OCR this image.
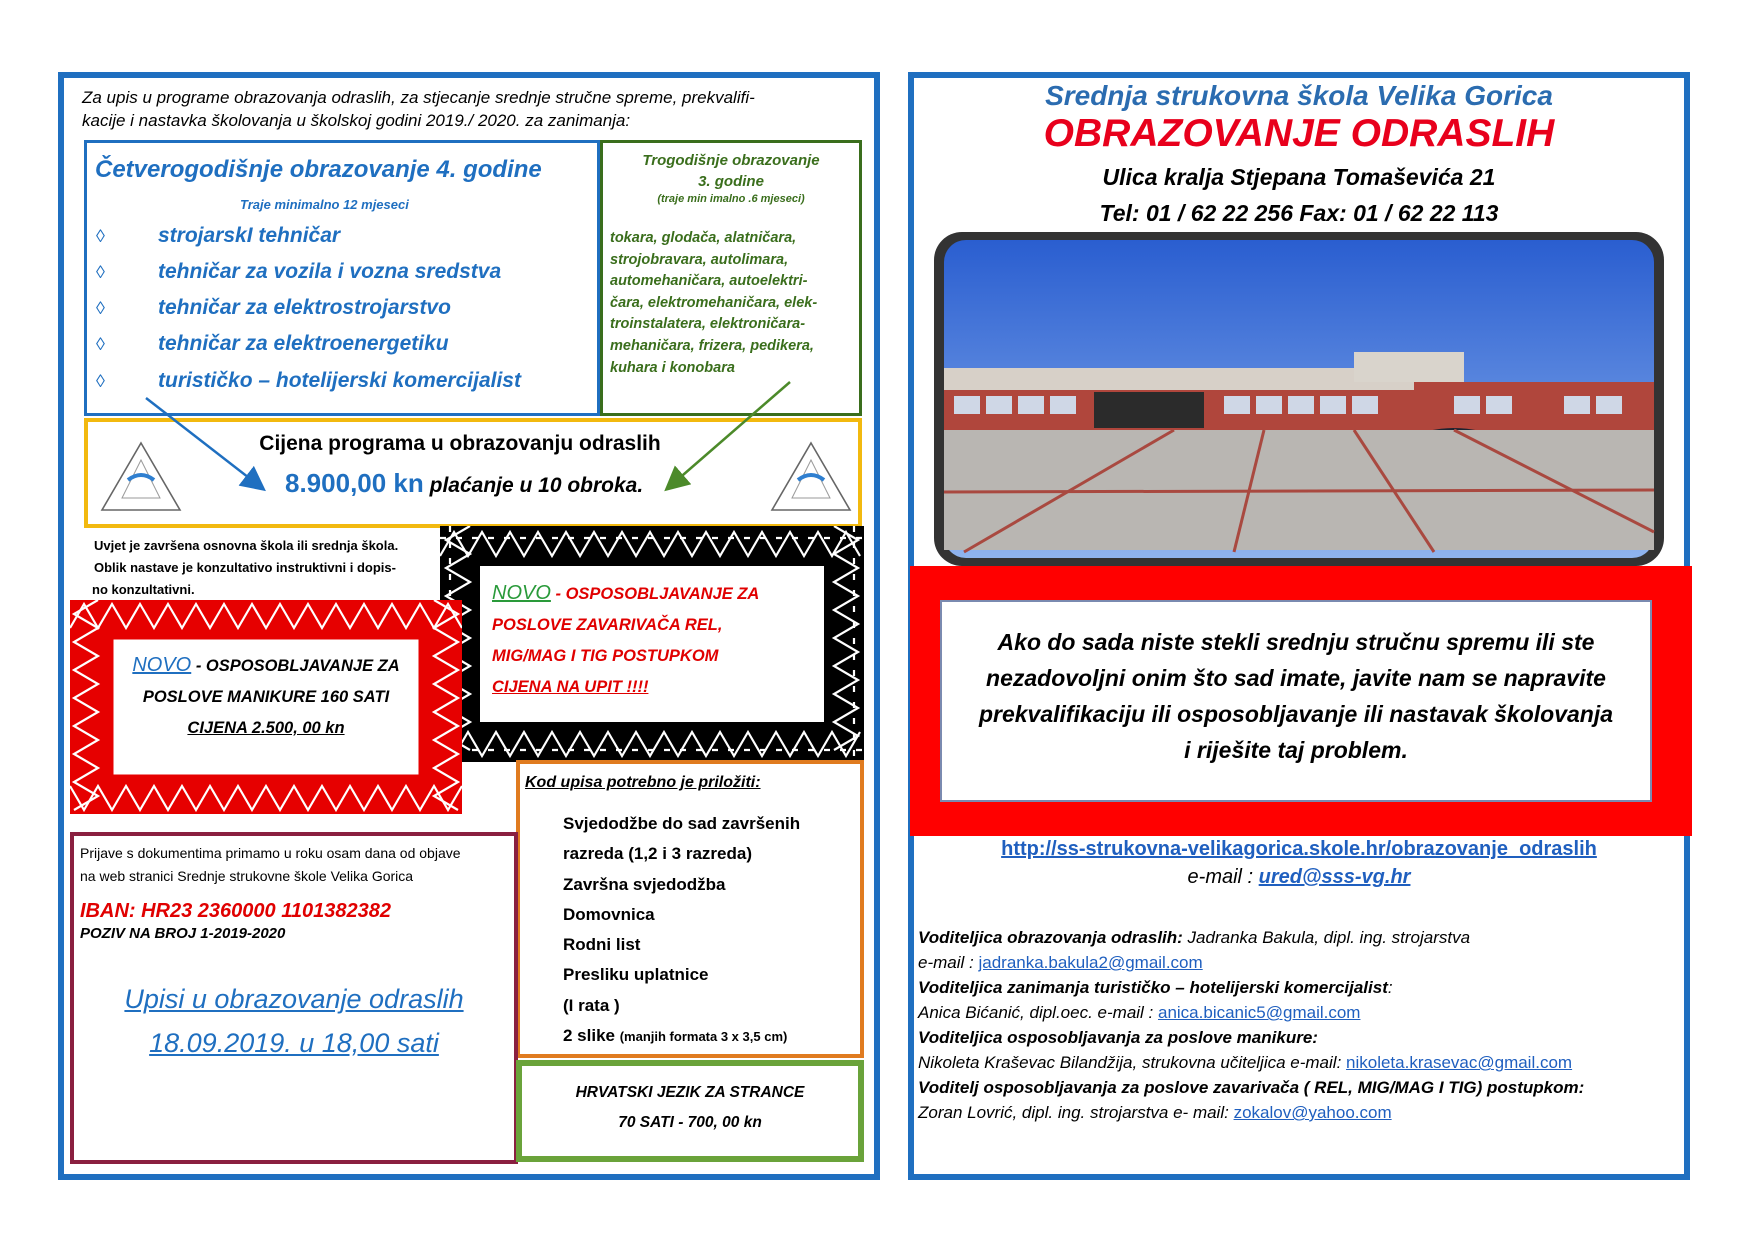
Za upis u programe obrazovanja odraslih, za stjecanje srednje stručne spreme, prekvalifi-
kacije i nastavka školovanja u školskoj godini 2019./ 2020. za zanimanja:
Četverogodišnje obrazovanje 4. godine
Traje minimalno 12 mjeseci
◊	strojarskI tehničar
◊	tehničar za vozila i vozna sredstva
◊	tehničar za elektrostrojarstvo
◊	tehničar za elektroenergetiku
◊	turističko – hotelijerski komercijalist
Trogodišnje obrazovanje
3. godine
(traje min imalno .6 mjeseci)
tokara, glodača, alatničara,
strojobravara, autolimara,
automehaničara, autoelektri-
čara, elektromehaničara, elek-
troinstalatera, elektroničara-
mehaničara, frizera, pedikera,
kuhara i konobara
Cijena programa u obrazovanju odraslih
8.900,00 kn plaćanje u 10 obroka.
Uvjet je završena osnovna škola ili srednja škola.
Oblik nastave je konzultativo instruktivni i dopis-
no konzultativni.	NOVO - OSPOSOBLJAVANJE ZA
POSLOVE ZAVARIVAČA REL,
MIG/MAG I TIG POSTUPKOM
CIJENA NA UPIT !!!!
NOVO - OSPOSOBLJAVANJE ZA
POSLOVE MANIKURE 160 SATI
CIJENA 2.500, 00 kn
Kod upisa potrebno je priložiti:
Svjedodžbe do sad završenih
razreda (1,2 i 3 razreda)
Završna svjedodžba
Domovnica
Rodni list
Presliku uplatnice
(I rata )
2 slike (manjih formata 3 x 3,5 cm)
Prijave s dokumentima primamo u roku osam dana od objave
na web stranici Srednje strukovne škole Velika Gorica
IBAN: HR23 2360000 1101382382
POZIV NA BROJ 1-2019-2020
Upisi u obrazovanje odraslih
18.09.2019. u 18,00 sati
HRVATSKI JEZIK ZA STRANCE
70 SATI - 700, 00 kn
Srednja strukovna škola Velika Gorica
OBRAZOVANJE ODRASLIH
Ulica kralja Stjepana Tomaševića 21
Tel: 01 / 62 22 256 Fax: 01 / 62 22 113
Ako do sada niste stekli srednju stručnu spremu ili ste
nezadovoljni onim što sad imate, javite nam se napravite
prekvalifikaciju ili osposobljavanje ili nastavak školovanja
i riješite taj problem.
http://ss-strukovna-velikagorica.skole.hr/obrazovanje_odraslih
e-mail : ured@sss-vg.hr
Voditeljica obrazovanja odraslih: Jadranka Bakula, dipl. ing. strojarstva
e-mail : jadranka.bakula2@gmail.com
Voditeljica zanimanja turističko – hotelijerski komercijalist:
Anica Bićanić, dipl.oec. e-mail : anica.bicanic5@gmail.com
Voditeljica osposobljavanja za poslove manikure:
Nikoleta Kraševac Bilandžija, strukovna učiteljica e-mail: nikoleta.krasevac@gmail.com
Voditelj osposobljavanja za poslove zavarivača ( REL, MIG/MAG I TIG) postupkom:
Zoran Lovrić, dipl. ing. strojarstva e- mail: zokalov@yahoo.com
